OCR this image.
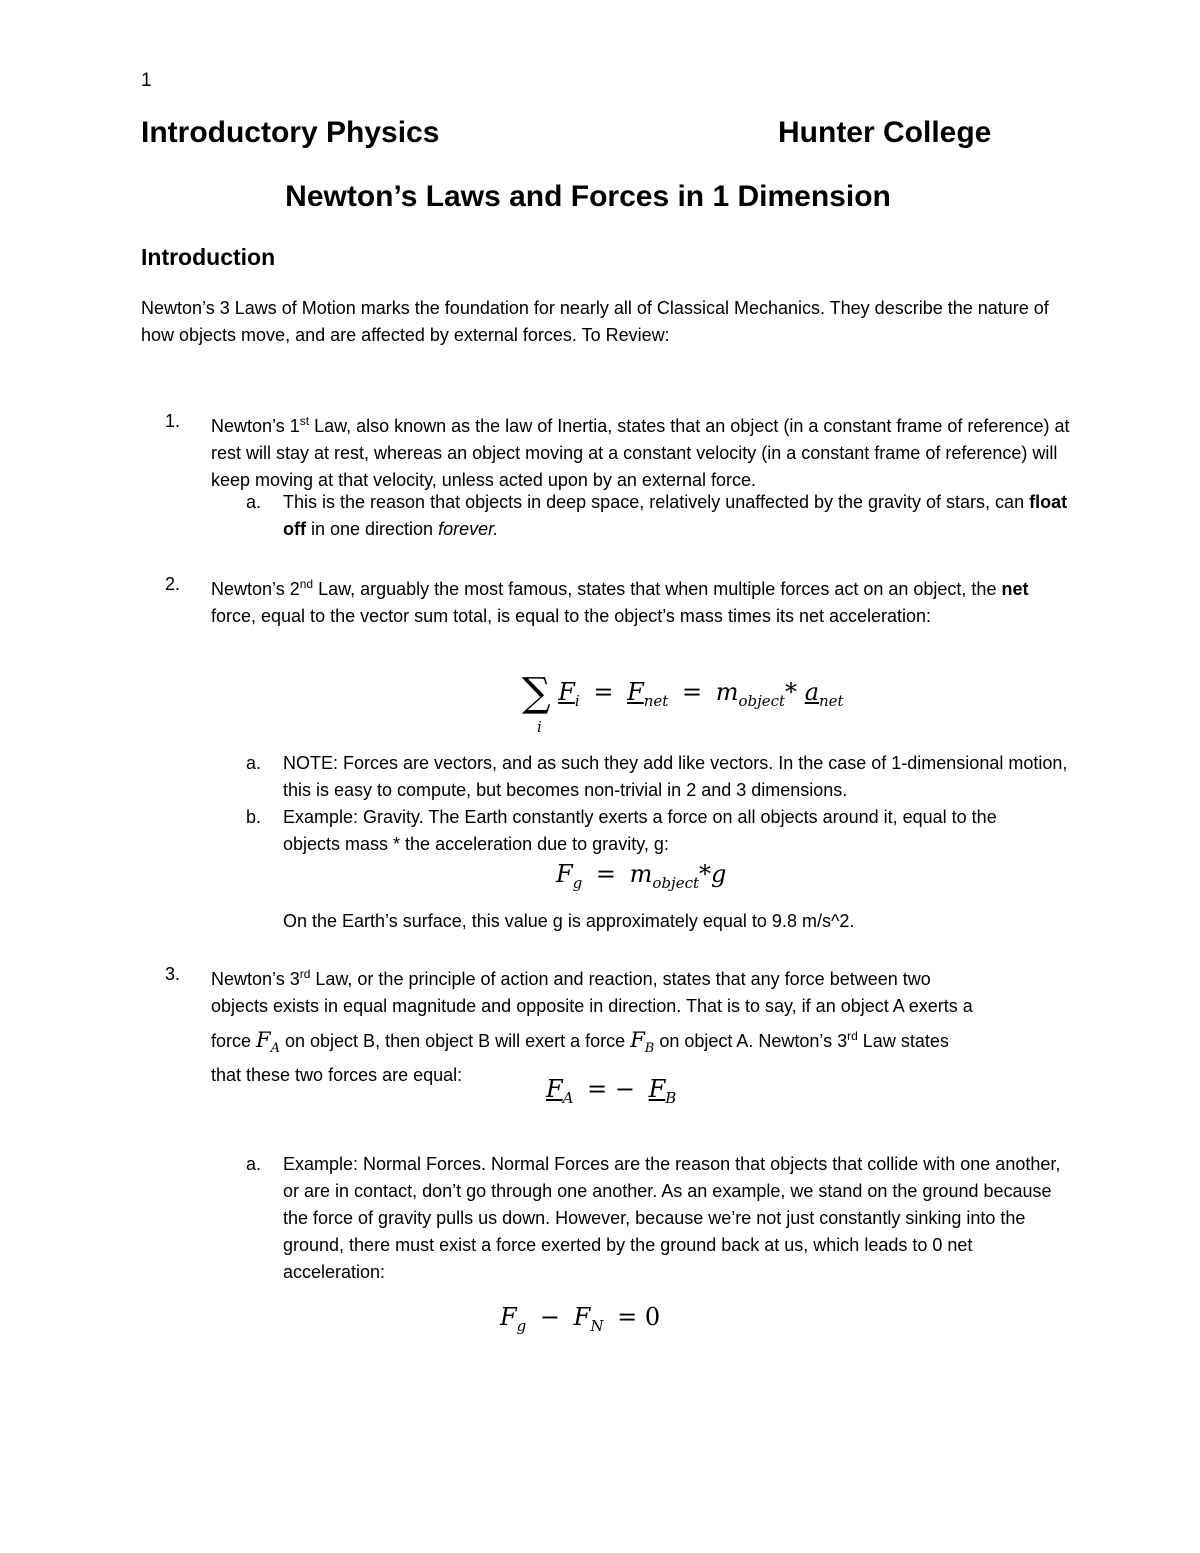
1
Introductory Physics	Hunter College
Newton’s Laws and Forces in 1 Dimension
Introduction

Newton’s 3 Laws of Motion marks the foundation for nearly all of Classical Mechanics. They describe the nature of how objects move, and are affected by external forces. To Review:

1. Newton’s 1st Law, also known as the law of Inertia, states that an object (in a constant frame of reference) at rest will stay at rest, whereas an object moving at a constant velocity (in a constant frame of reference) will keep moving at that velocity, unless acted upon by an external force.
a. This is the reason that objects in deep space, relatively unaffected by the gravity of stars, can float off in one direction forever.
2. Newton’s 2nd Law, arguably the most famous, states that when multiple forces act on an object, the net force, equal to the vector sum total, is equal to the object’s mass times its net acceleration:
∑
i
$F_i = F_{net} = m_{object}*$ $a_{net}$
a. NOTE: Forces are vectors, and as such they add like vectors. In the case of 1-dimensional motion, this is easy to compute, but becomes non-trivial in 2 and 3 dimensions.
b. Example: Gravity. The Earth constantly exerts a force on all objects around it, equal to the objects mass * the acceleration due to gravity, g:
$F_g = m_{object}*g$
On the Earth’s surface, this value g is approximately equal to 9.8 m/s^2.
3. Newton’s 3rd Law, or the principle of action and reaction, states that any force between two
objects exists in equal magnitude and opposite in direction. That is to say, if an object A exerts a
force $F_A$ on object B, then object B will exert a force $F_B$ on object A. Newton’s 3rd Law states
that these two forces are equal:	$F_A$ = − $F_B$
a. Example: Normal Forces. Normal Forces are the reason that objects that collide with one another, or are in contact, don’t go through one another. As an example, we stand on the ground because the force of gravity pulls us down. However, because we’re not just constantly sinking into the ground, there must exist a force exerted by the ground back at us, which leads to 0 net acceleration:
$F_g - F_N = 0$
